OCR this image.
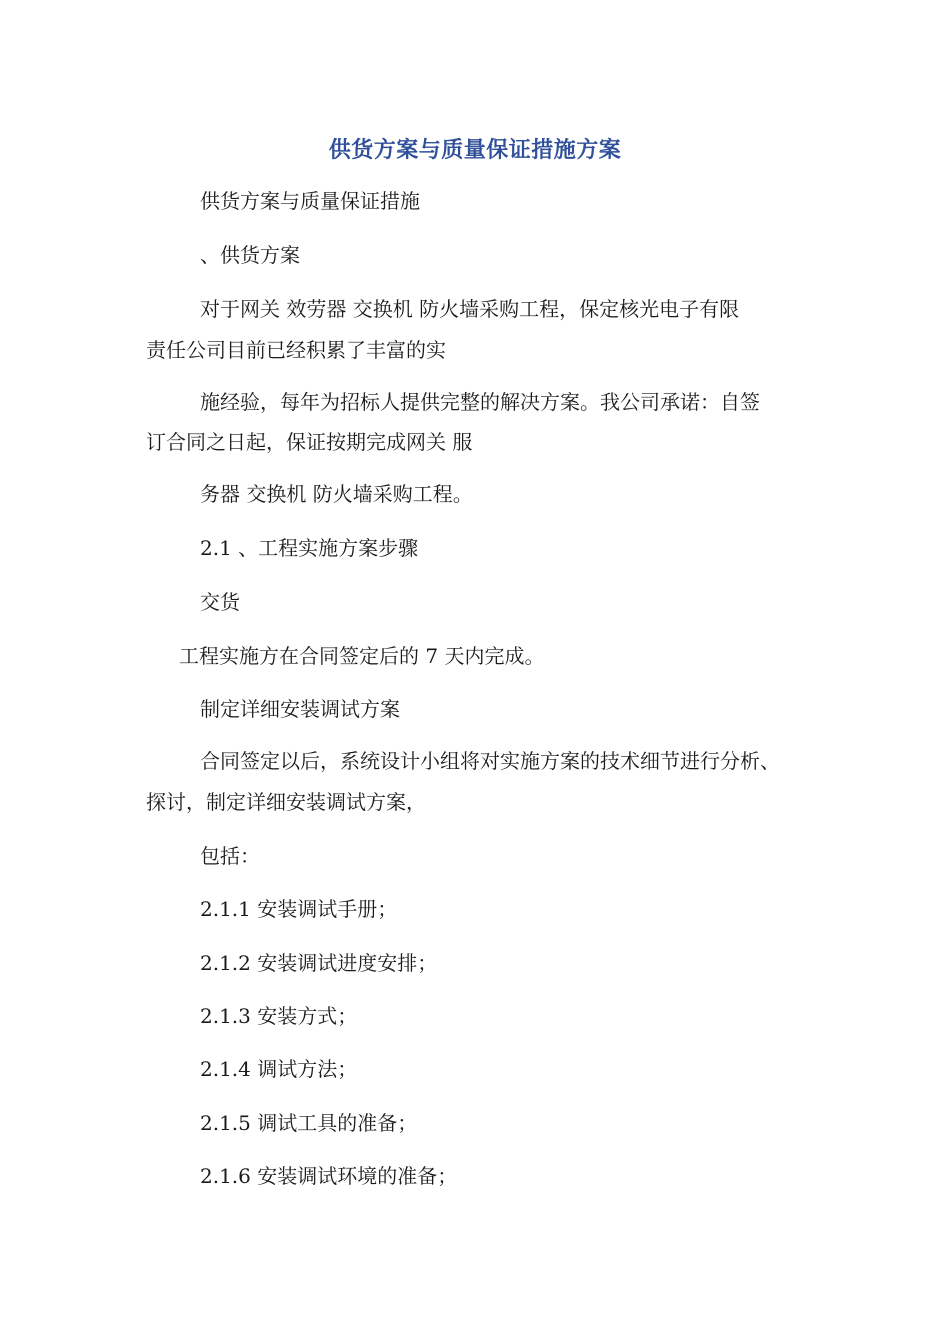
供货方案与质量保证措施方案
供货方案与质量保证措施
、供货方案
对于网关 效劳器 交换机 防火墙采购工程，保定核光电子有限
责任公司目前已经积累了丰富的实
施经验，每年为招标人提供完整的解决方案。我公司承诺：自签
订合同之日起，保证按期完成网关 服
务器 交换机 防火墙采购工程。
2.1 、工程实施方案步骤
交货
工程实施方在合同签定后的 7 天内完成。
制定详细安装调试方案
合同签定以后，系统设计小组将对实施方案的技术细节进行分析、
探讨，制定详细安装调试方案，
包括：
2.1.1 安装调试手册；
2.1.2 安装调试进度安排；
2.1.3 安装方式；
2.1.4 调试方法；
2.1.5 调试工具的准备；
2.1.6 安装调试环境的准备；
